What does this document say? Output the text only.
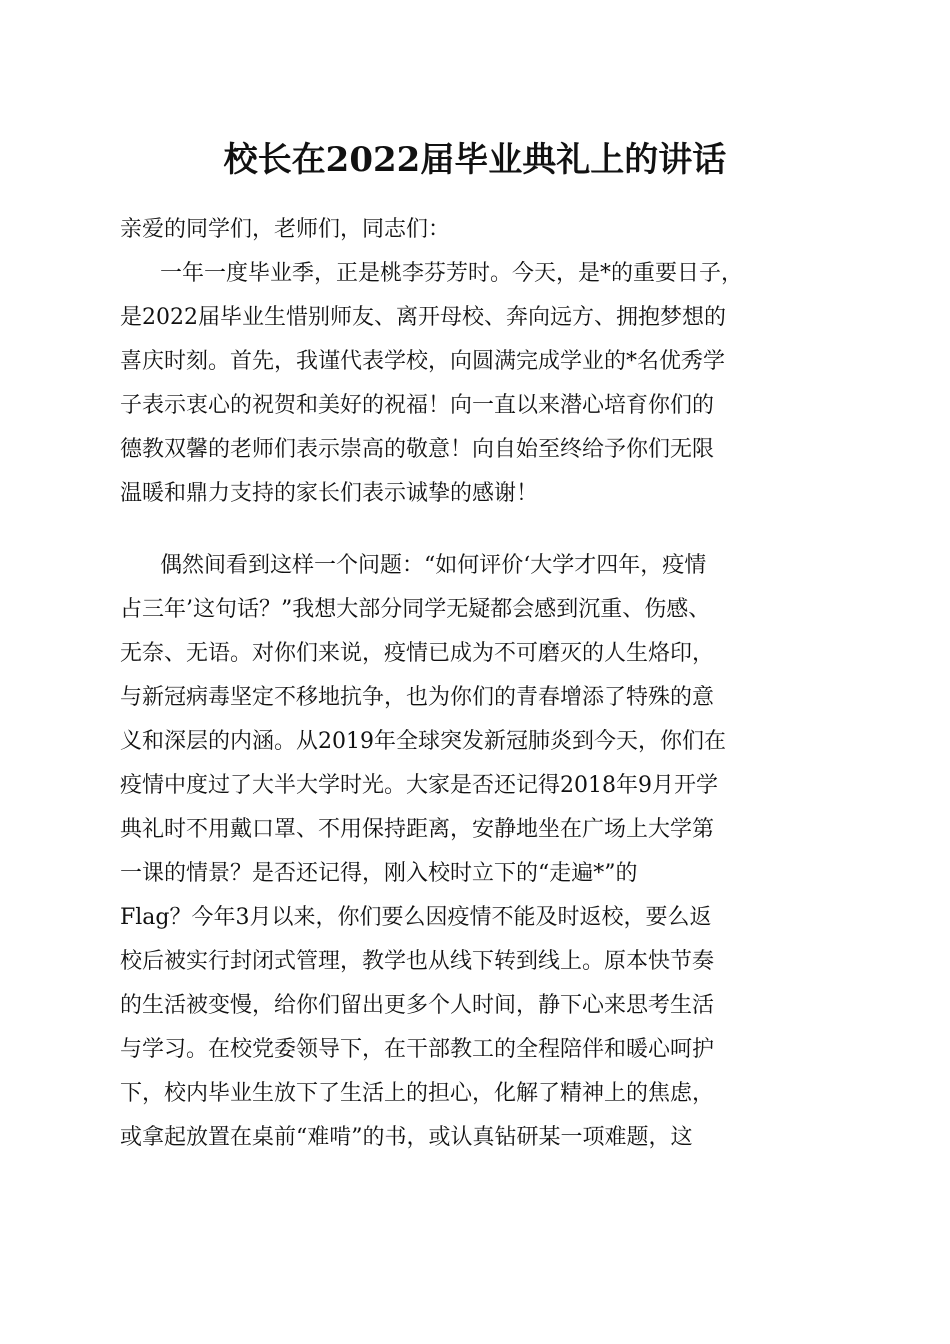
校长在2022届毕业典礼上的讲话
亲爱的同学们，老师们，同志们：
一年一度毕业季，正是桃李芬芳时。今天，是*的重要日子，
是2022届毕业生惜别师友、离开母校、奔向远方、拥抱梦想的
喜庆时刻。首先，我谨代表学校，向圆满完成学业的*名优秀学
子表示衷心的祝贺和美好的祝福！向一直以来潜心培育你们的
德教双馨的老师们表示崇高的敬意！向自始至终给予你们无限
温暖和鼎力支持的家长们表示诚挚的感谢！
偶然间看到这样一个问题：“如何评价‘大学才四年，疫情
占三年’这句话？”我想大部分同学无疑都会感到沉重、伤感、
无奈、无语。对你们来说，疫情已成为不可磨灭的人生烙印，
与新冠病毒坚定不移地抗争，也为你们的青春增添了特殊的意
义和深层的内涵。从2019年全球突发新冠肺炎到今天，你们在
疫情中度过了大半大学时光。大家是否还记得2018年9月开学
典礼时不用戴口罩、不用保持距离，安静地坐在广场上大学第
一课的情景？是否还记得，刚入校时立下的“走遍*”的
Flag？今年3月以来，你们要么因疫情不能及时返校，要么返
校后被实行封闭式管理，教学也从线下转到线上。原本快节奏
的生活被变慢，给你们留出更多个人时间，静下心来思考生活
与学习。在校党委领导下，在干部教工的全程陪伴和暖心呵护
下，校内毕业生放下了生活上的担心，化解了精神上的焦虑，
或拿起放置在桌前“难啃”的书，或认真钻研某一项难题，这
